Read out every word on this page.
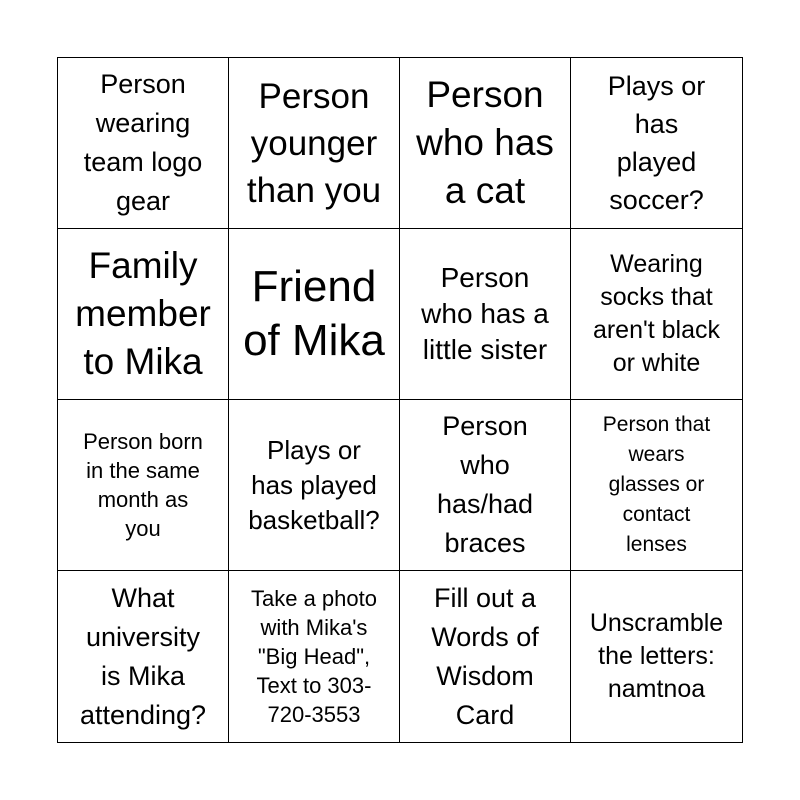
Person
wearing
team logo
gear
Person
younger
than you
Person
who has
a cat
Plays or
has
played
soccer?
Family
member
to Mika
Friend
of Mika
Person
who has a
little sister
Wearing
socks that
aren't black
or white
Person born
in the same
month as
you
Plays or
has played
basketball?
Person
who
has/had
braces
Person that
wears
glasses or
contact
lenses
What
university
is Mika
attending?
Take a photo
with Mika's
"Big Head",
Text to 303-
720-3553
Fill out a
Words of
Wisdom
Card
Unscramble
the letters:
namtnoa
